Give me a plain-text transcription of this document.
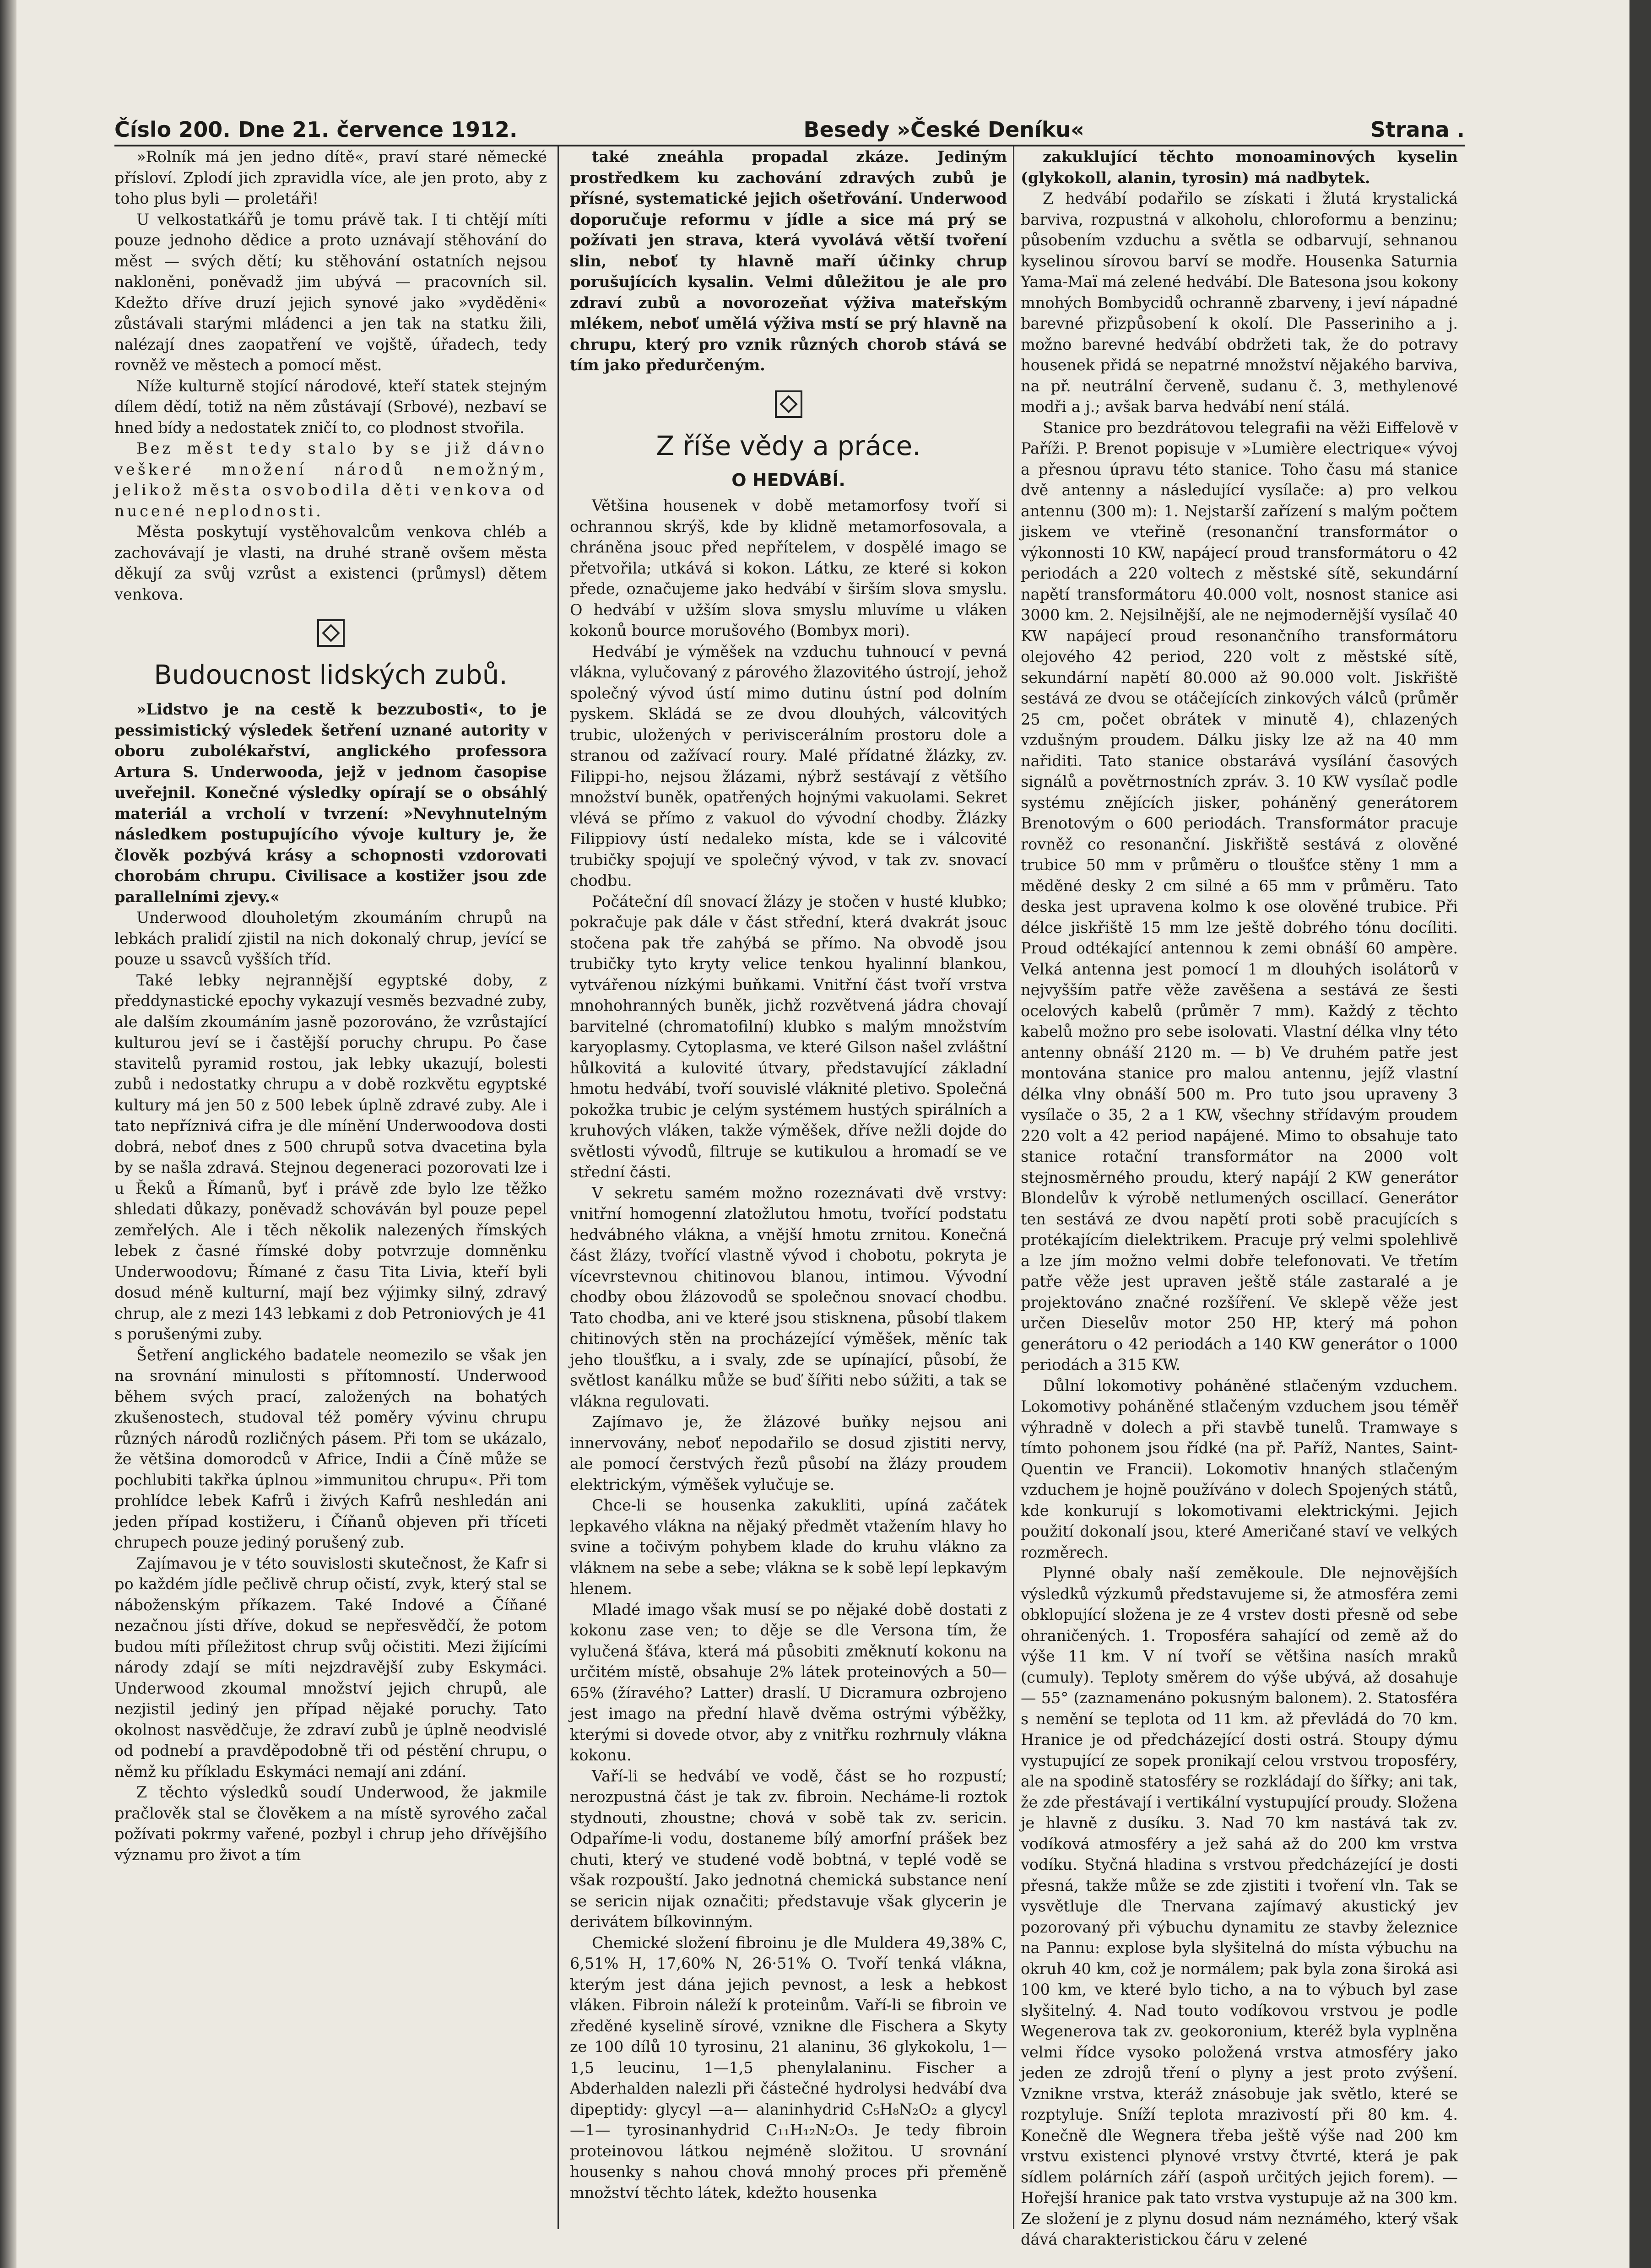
Číslo 200. Dne 21. července 1912.	Besedy »České Deníku«	Strana .

»Rolník má jen jedno dítě«, praví staré německé přísloví. Zplodí jich zpravidla více, ale jen proto, aby z toho plus byli — proletáři!

U velkostatkářů je tomu právě tak. I ti chtějí míti pouze jednoho dědice a proto uznávají stěhování do měst — svých dětí; ku stěhování ostatních nejsou nakloněni, poněvadž jim ubývá — pracovních sil. Kdežto dříve druzí jejich synové jako »vyděděni« zůstávali starými mládenci a jen tak na statku žili, nalézají dnes zaopatření ve vojště, úřadech, tedy rovněž ve městech a pomocí měst.

Níže kulturně stojící národové, kteří statek stejným dílem dědí, totiž na něm zůstávají (Srbové), nezbaví se hned bídy a nedostatek zničí to, co plodnost stvořila.

Bez měst tedy stalo by se již dávno veškeré množení národů nemožným, jelikož města osvobodila děti venkova od nucené neplodnosti.

Města poskytují vystěhovalcům venkova chléb a zachovávají je vlasti, na druhé straně ovšem města děkují za svůj vzrůst a existenci (průmysl) dětem venkova.

Budoucnost lidských zubů.

»Lidstvo je na cestě k bezzubosti«, to je pessimistický výsledek šetření uznané autority v oboru zubolékařství, anglického professora Artura S. Underwooda, jejž v jednom časopise uveřejnil. Konečné výsledky opírají se o obsáhlý materiál a vrcholí v tvrzení: »Nevyhnutelným následkem postupujícího vývoje kultury je, že člověk pozbývá krásy a schopnosti vzdorovati chorobám chrupu. Civilisace a kostižer jsou zde parallelními zjevy.«

Underwood dlouholetým zkoumáním chrupů na lebkách pralidí zjistil na nich dokonalý chrup, jevící se pouze u ssavců vyšších tříd.

Také lebky nejrannější egyptské doby, z předdynastické epochy vykazují vesměs bezvadné zuby, ale dalším zkoumáním jasně pozorováno, že vzrůstající kulturou jeví se i častější poruchy chrupu. Po čase stavitelů pyramid rostou, jak lebky ukazují, bolesti zubů i nedostatky chrupu a v době rozkvětu egyptské kultury má jen 50 z 500 lebek úplně zdravé zuby. Ale i tato nepříznivá cifra je dle mínění Underwoodova dosti dobrá, neboť dnes z 500 chrupů sotva dvacetina byla by se našla zdravá. Stejnou degeneraci pozorovati lze i u Řeků a Římanů, byť i právě zde bylo lze těžko shledati důkazy, poněvadž schováván byl pouze pepel zemřelých. Ale i těch několik nalezených římských lebek z časné římské doby potvrzuje domněnku Underwoodovu; Římané z času Tita Livia, kteří byli dosud méně kulturní, mají bez výjimky silný, zdravý chrup, ale z mezi 143 lebkami z dob Petroniových je 41 s porušenými zuby.

Šetření anglického badatele neomezilo se však jen na srovnání minulosti s přítomností. Underwood během svých prací, založených na bohatých zkušenostech, studoval též poměry vývinu chrupu různých národů rozličných pásem. Při tom se ukázalo, že většina domorodců v Africe, Indii a Číně může se pochlubiti takřka úplnou »immunitou chrupu«. Při tom prohlídce lebek Kafrů i živých Kafrů neshledán ani jeden případ kostižeru, i Číňanů objeven při tříceti chrupech pouze jediný porušený zub.

Zajímavou je v této souvislosti skutečnost, že Kafr si po každém jídle pečlivě chrup očistí, zvyk, který stal se náboženským příkazem. Také Indové a Číňané nezačnou jísti dříve, dokud se nepřesvědčí, že potom budou míti příležitost chrup svůj očistiti. Mezi žijícími národy zdají se míti nejzdravější zuby Eskymáci. Underwood zkoumal množství jejich chrupů, ale nezjistil jediný jen případ nějaké poruchy. Tato okolnost nasvědčuje, že zdraví zubů je úplně neodvislé od podnebí a pravděpodobně tři od péstění chrupu, o němž ku příkladu Eskymáci nemají ani zdání.

Z těchto výsledků soudí Underwood, že jakmile pračlověk stal se člověkem a na místě syrového začal požívati pokrmy vařené, pozbyl i chrup jeho dřívějšího významu pro život a tím

také zneáhla propadal zkáze. Jediným prostředkem ku zachování zdravých zubů je přísné, systematické jejich ošetřování. Underwood doporučuje reformu v jídle a sice má prý se požívati jen strava, která vyvolává větší tvoření slin, neboť ty hlavně maří účinky chrup porušujících kysalin. Velmi důležitou je ale pro zdraví zubů a novorozeňat výživa mateřským mlékem, neboť umělá výživa mstí se prý hlavně na chrupu, který pro vznik různých chorob stává se tím jako předurčeným.

Z říše vědy a práce.
O HEDVÁBÍ.

Většina housenek v době metamorfosy tvoří si ochrannou skrýš, kde by klidně metamorfosovala, a chráněna jsouc před nepřítelem, v dospělé imago se přetvořila; utkává si kokon. Látku, ze které si kokon přede, označujeme jako hedvábí v širším slova smyslu. O hedvábí v užším slova smyslu mluvíme u vláken kokonů bource morušového (Bombyx mori).

Hedvábí je výměšek na vzduchu tuhnoucí v pevná vlákna, vylučovaný z párového žlazovitého ústrojí, jehož společný vývod ústí mimo dutinu ústní pod dolním pyskem. Skládá se ze dvou dlouhých, válcovitých trubic, uložených v periviscerálním prostoru dole a stranou od zažívací roury. Malé přídatné žlázky, zv. Filippi-ho, nejsou žlázami, nýbrž sestávají z většího množství buněk, opatřených hojnými vakuolami. Sekret vlévá se přímo z vakuol do vývodní chodby. Žlázky Filippiovy ústí nedaleko místa, kde se i válcovité trubičky spojují ve společný vývod, v tak zv. snovací chodbu.

Počáteční díl snovací žlázy je stočen v husté klubko; pokračuje pak dále v část střední, která dvakrát jsouc stočena pak tře zahýbá se přímo. Na obvodě jsou trubičky tyto kryty velice tenkou hyalinní blankou, vytvářenou nízkými buňkami. Vnitřní část tvoří vrstva mnohohranných buněk, jichž rozvětvená jádra chovají barvitelné (chromatofilní) klubko s malým množstvím karyoplasmy. Cytoplasma, ve které Gilson našel zvláštní hůlkovitá a kulovité útvary, představující základní hmotu hedvábí, tvoří souvislé vláknité pletivo. Společná pokožka trubic je celým systémem hustých spirálních a kruhových vláken, takže výměšek, dříve nežli dojde do světlosti vývodů, filtruje se kutikulou a hromadí se ve střední části.

V sekretu samém možno rozeznávati dvě vrstvy: vnitřní homogenní zlatožlutou hmotu, tvořící podstatu hedvábného vlákna, a vnější hmotu zrnitou. Konečná část žlázy, tvořící vlastně vývod i chobotu, pokryta je vícevrstevnou chitinovou blanou, intimou. Vývodní chodby obou žlázovodů se společnou snovací chodbu. Tato chodba, ani ve které jsou stisknena, působí tlakem chitinových stěn na procházející výměšek, měníc tak jeho tloušťku, a i svaly, zde se upínající, působí, že světlost kanálku může se buď šířiti nebo súžiti, a tak se vlákna regulovati.

Zajímavo je, že žlázové buňky nejsou ani innervovány, neboť nepodařilo se dosud zjistiti nervy, ale pomocí čerstvých řezů působí na žlázy proudem elektrickým, výměšek vylučuje se.

Chce-li se housenka zakukliti, upíná začátek lepkavého vlákna na nějaký předmět vtažením hlavy ho svine a točivým pohybem klade do kruhu vlákno za vláknem na sebe a sebe; vlákna se k sobě lepí lepkavým hlenem.

Mladé imago však musí se po nějaké době dostati z kokonu zase ven; to děje se dle Versona tím, že vylučená šťáva, která má působiti změknutí kokonu na určitém místě, obsahuje 2% látek proteinových a 50—65% (žíravého? Latter) draslí. U Dicramura ozbrojeno jest imago na přední hlavě dvěma ostrými výběžky, kterými si dovede otvor, aby z vnitřku rozhrnuly vlákna kokonu.

Vaří-li se hedvábí ve vodě, část se ho rozpustí; nerozpustná část je tak zv. fibroin. Necháme-li roztok stydnouti, zhoustne; chová v sobě tak zv. sericin. Odpaříme-li vodu, dostaneme bílý amorfní prášek bez chuti, který ve studené vodě bobtná, v teplé vodě se však rozpouští. Jako jednotná chemická substance není se sericin nijak označiti; představuje však glycerin je derivátem bílkovinným.

Chemické složení fibroinu je dle Muldera 49,38% C, 6,51% H, 17,60% N, 26·51% O. Tvoří tenká vlákna, kterým jest dána jejich pevnost, a lesk a hebkost vláken. Fibroin náleží k proteinům. Vaří-li se fibroin ve zředěné kyselině sírové, vznikne dle Fischera a Skyty ze 100 dílů 10 tyrosinu, 21 alaninu, 36 glykokolu, 1—1,5 leucinu, 1—1,5 phenylalaninu. Fischer a Abderhalden nalezli při částečné hydrolysi hedvábí dva dipeptidy: glycyl —a— alaninhydrid C₅H₈N₂O₂ a glycyl —1— tyrosinanhydrid C₁₁H₁₂N₂O₃. Je tedy fibroin proteinovou látkou nejméně složitou. U srovnání housenky s nahou chová mnohý proces při přeměně množství těchto látek, kdežto housenka

zakuklující těchto monoaminových kyselin (glykokoll, alanin, tyrosin) má nadbytek.

Z hedvábí podařilo se získati i žlutá krystalická barviva, rozpustná v alkoholu, chloroformu a benzinu; působením vzduchu a světla se odbarvují, sehnanou kyselinou sírovou barví se modře. Housenka Saturnia Yama-Maï má zelené hedvábí. Dle Batesona jsou kokony mnohých Bombycidů ochranně zbarveny, i jeví nápadné barevné přizpůsobení k okolí. Dle Passeriniho a j. možno barevné hedvábí obdržeti tak, že do potravy housenek přidá se nepatrné množství nějakého barviva, na př. neutrální červeně, sudanu č. 3, methylenové modři a j.; avšak barva hedvábí není stálá.

Stanice pro bezdrátovou telegrafii na věži Eiffelově v Paříži. P. Brenot popisuje v »Lumière electrique« vývoj a přesnou úpravu této stanice. Toho času má stanice dvě antenny a následující vysílače: a) pro velkou antennu (300 m): 1. Nejstarší zařízení s malým počtem jiskem ve vteřině (resonanční transformátor o výkonnosti 10 KW, napájecí proud transformátoru o 42 periodách a 220 voltech z městské sítě, sekundární napětí transformátoru 40.000 volt, nosnost stanice asi 3000 km. 2. Nejsilnější, ale ne nejmodernější vysílač 40 KW napájecí proud resonančního transformátoru olejového 42 period, 220 volt z městské sítě, sekundární napětí 80.000 až 90.000 volt. Jiskřiště sestává ze dvou se otáčejících zinkových válců (průměr 25 cm, počet obrátek v minutě 4), chlazených vzdušným proudem. Dálku jisky lze až na 40 mm nařiditi. Tato stanice obstarává vysílání časových signálů a povětrnostních zpráv. 3. 10 KW vysílač podle systému znějících jisker, poháněný generátorem Brenotovým o 600 periodách. Transformátor pracuje rovněž co resonanční. Jiskřiště sestává z olověné trubice 50 mm v průměru o tloušťce stěny 1 mm a měděné desky 2 cm silné a 65 mm v průměru. Tato deska jest upravena kolmo k ose olověné trubice. Při délce jiskřiště 15 mm lze ještě dobrého tónu docíliti. Proud odtékající antennou k zemi obnáší 60 ampère. Velká antenna jest pomocí 1 m dlouhých isolátorů v nejvyšším patře věže zavěšena a sestává ze šesti ocelových kabelů (průměr 7 mm). Každý z těchto kabelů možno pro sebe isolovati. Vlastní délka vlny této antenny obnáší 2120 m. — b) Ve druhém patře jest montována stanice pro malou antennu, jejíž vlastní délka vlny obnáší 500 m. Pro tuto jsou upraveny 3 vysílače o 35, 2 a 1 KW, všechny střídavým proudem 220 volt a 42 period napájené. Mimo to obsahuje tato stanice rotační transformátor na 2000 volt stejnosměrného proudu, který napájí 2 KW generátor Blondelův k výrobě netlumených oscillací. Generátor ten sestává ze dvou napětí proti sobě pracujících s protékajícím dielektrikem. Pracuje prý velmi spolehlivě a lze jím možno velmi dobře telefonovati. Ve třetím patře věže jest upraven ještě stále zastaralé a je projektováno značné rozšíření. Ve sklepě věže jest určen Dieselův motor 250 HP, který má pohon generátoru o 42 periodách a 140 KW generátor o 1000 periodách a 315 KW.

Důlní lokomotivy poháněné stlačeným vzduchem. Lokomotivy poháněné stlačeným vzduchem jsou téměř výhradně v dolech a při stavbě tunelů. Tramwaye s tímto pohonem jsou řídké (na př. Paříž, Nantes, Saint-Quentin ve Francii). Lokomotiv hnaných stlačeným vzduchem je hojně používáno v dolech Spojených států, kde konkurují s lokomotivami elektrickými. Jejich použití dokonalí jsou, které Američané staví ve velkých rozměrech.

Plynné obaly naší zeměkoule. Dle nejnovějších výsledků výzkumů představujeme si, že atmosféra zemi obklopující složena je ze 4 vrstev dosti přesně od sebe ohraničených. 1. Troposféra sahající od země až do výše 11 km. V ní tvoří se většina nasích mraků (cumuly). Teploty směrem do výše ubývá, až dosahuje — 55° (zaznamenáno pokusným balonem). 2. Statosféra s nemění se teplota od 11 km. až převládá do 70 km. Hranice je od předcházející dosti ostrá. Stoupy dýmu vystupující ze sopek pronikají celou vrstvou troposféry, ale na spodině statosféry se rozkládají do šířky; ani tak, že zde přestávají i vertikální vystupující proudy. Složena je hlavně z dusíku. 3. Nad 70 km nastává tak zv. vodíková atmosféry a jež sahá až do 200 km vrstva vodíku. Styčná hladina s vrstvou předcházející je dosti přesná, takže může se zde zjistiti i tvoření vln. Tak se vysvětluje dle Tnervana zajímavý akustický jev pozorovaný při výbuchu dynamitu ze stavby železnice na Pannu: explose byla slyšitelná do místa výbuchu na okruh 40 km, což je normálem; pak byla zona široká asi 100 km, ve které bylo ticho, a na to výbuch byl zase slyšitelný. 4. Nad touto vodíkovou vrstvou je podle Wegenerova tak zv. geokoronium, kteréž byla vyplněna velmi řídce vysoko položená vrstva atmosféry jako jeden ze zdrojů tření o plyny a jest proto zvýšení. Vznikne vrstva, kteráž znásobuje jak světlo, které se rozptyluje. Sníží teplota mrazivostí při 80 km. 4. Konečně dle Wegnera třeba ještě výše nad 200 km vrstvu existenci plynové vrstvy čtvrté, která je pak sídlem polárních září (aspoň určitých jejich forem). — Hořejší hranice pak tato vrstva vystupuje až na 300 km. Ze složení je z plynu dosud nám neznámého, který však dává charakteristickou čáru v zelené
